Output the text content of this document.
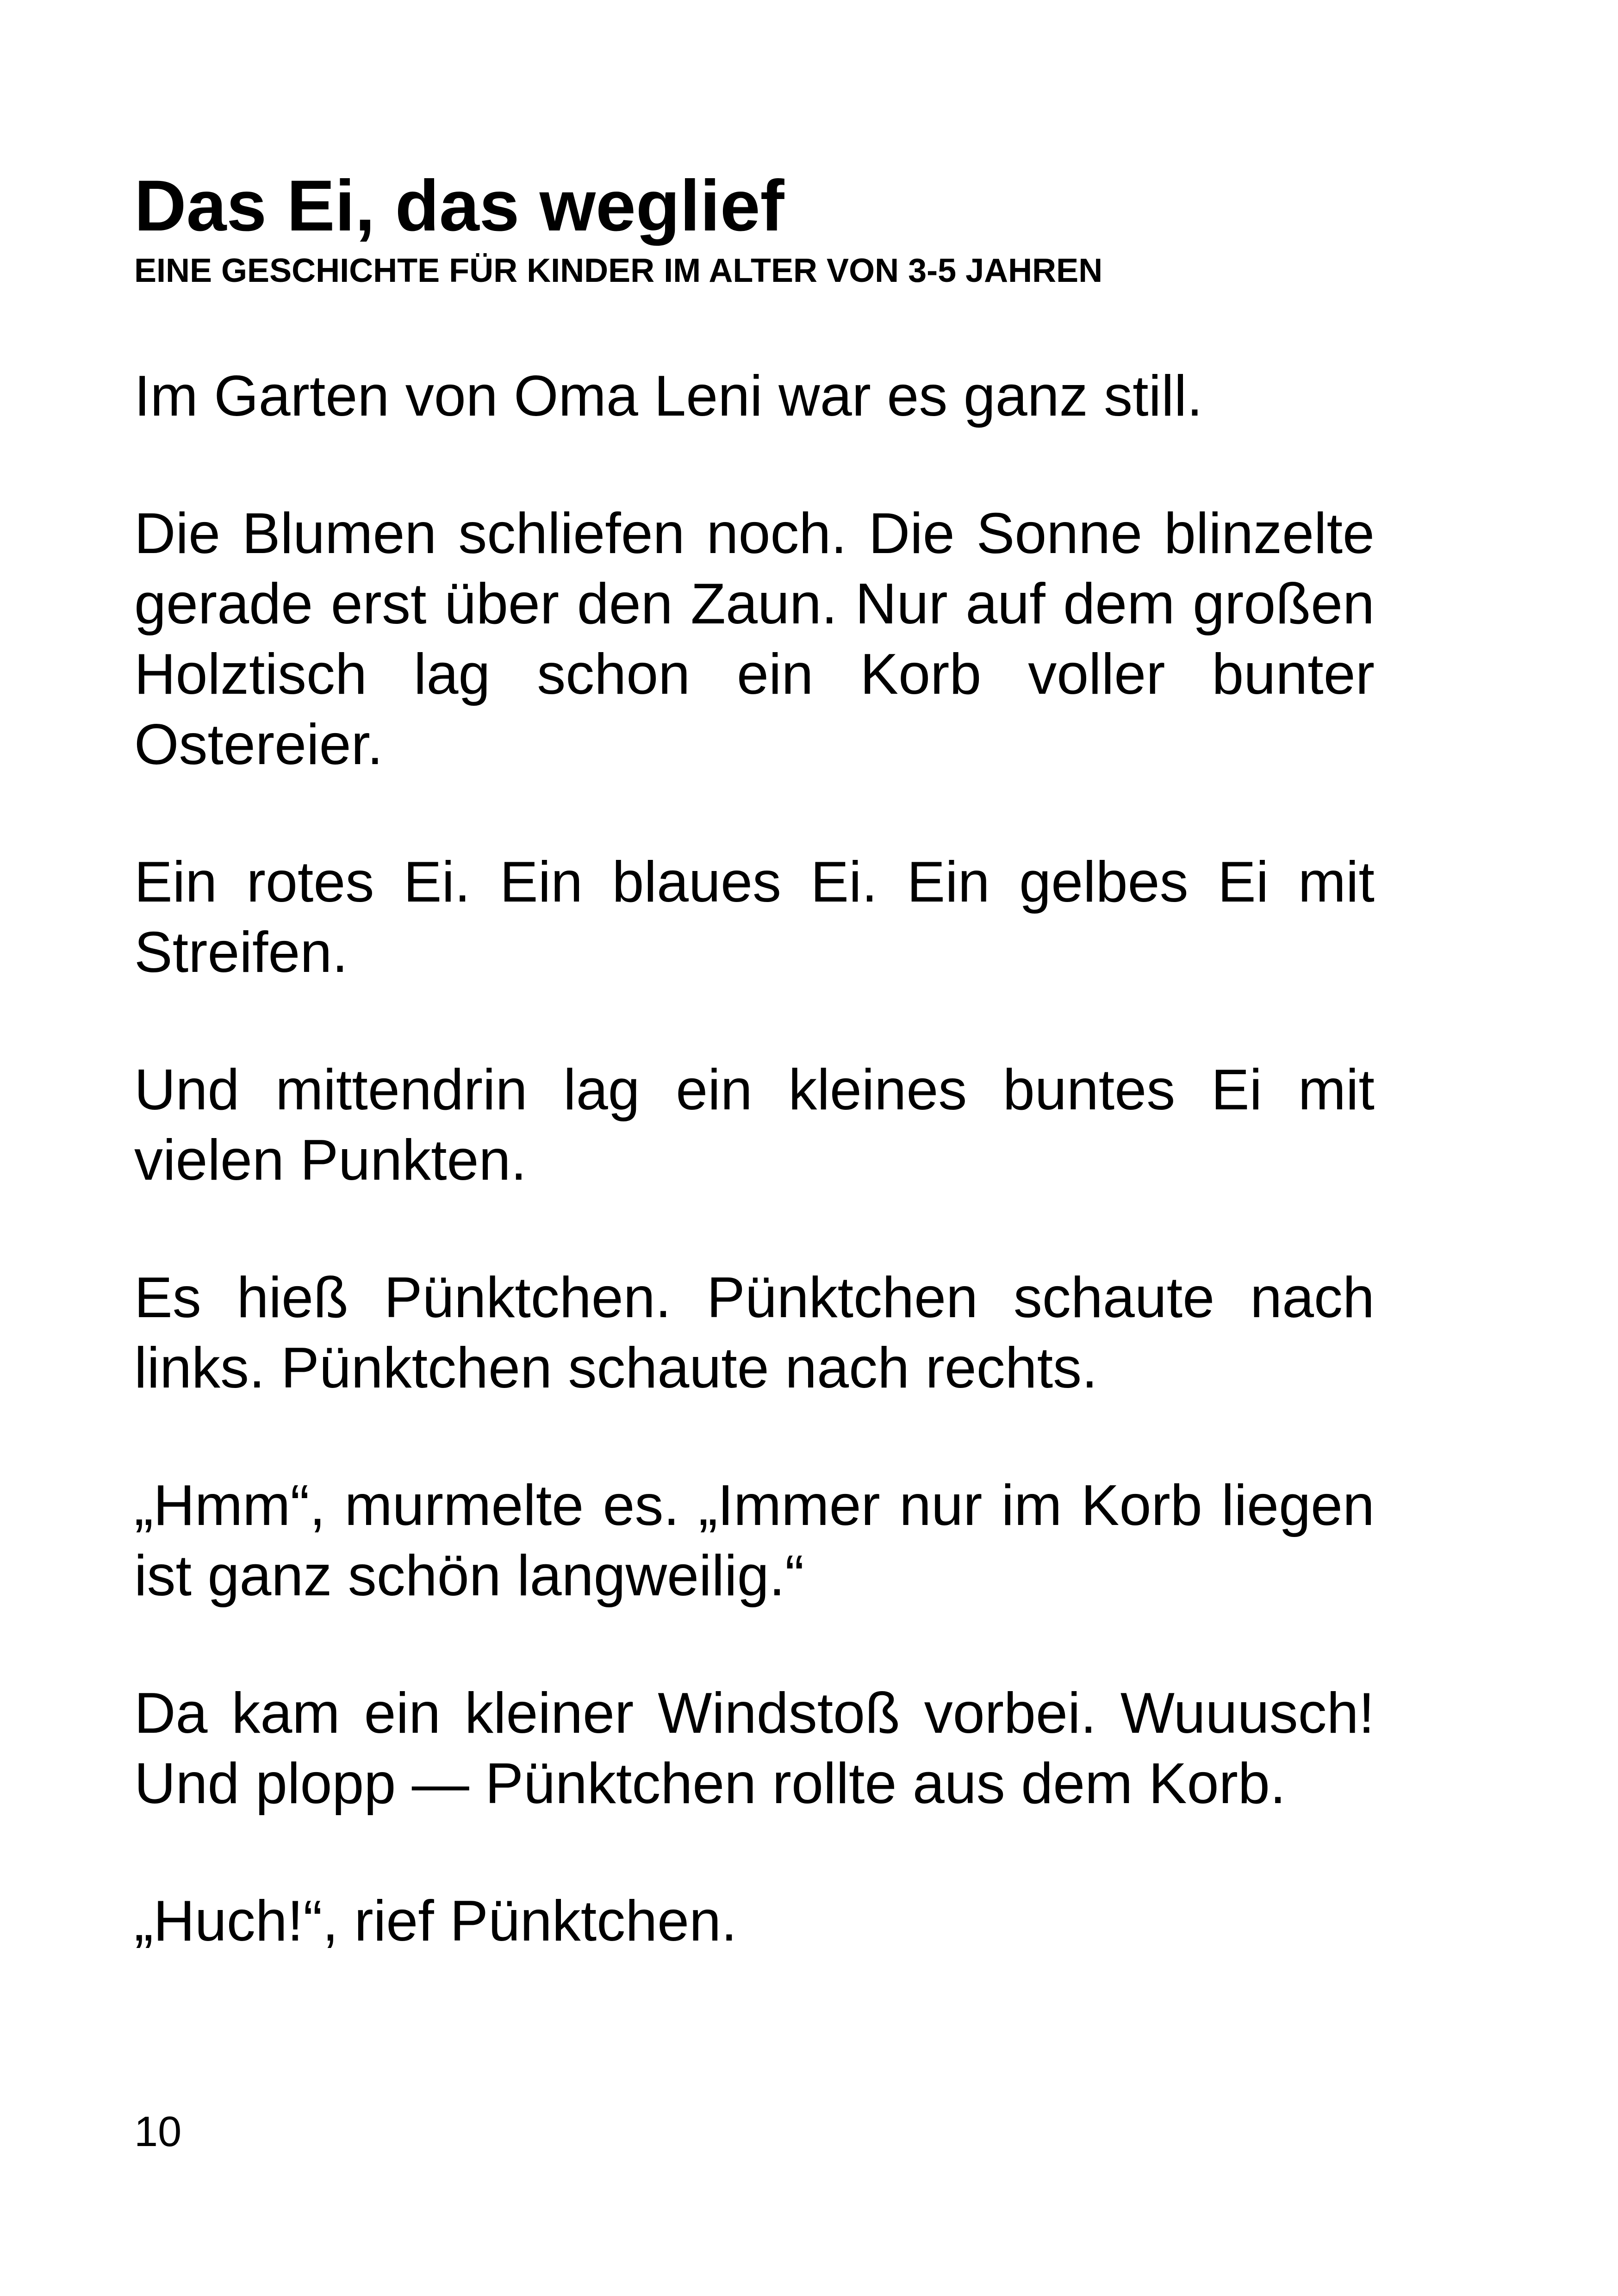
Das Ei, das weglief
EINE GESCHICHTE FÜR KINDER IM ALTER VON 3-5 JAHREN

Im Garten von Oma Leni war es ganz still.

Die Blumen schliefen noch. Die Sonne blinzelte gerade erst über den Zaun. Nur auf dem großen Holztisch lag schon ein Korb voller bunter Ostereier.

Ein rotes Ei. Ein blaues Ei. Ein gelbes Ei mit Streifen.

Und mittendrin lag ein kleines buntes Ei mit vielen Punkten.

Es hieß Pünktchen. Pünktchen schaute nach links. Pünktchen schaute nach rechts.

„Hmm“, murmelte es. „Immer nur im Korb liegen ist ganz schön langweilig.“

Da kam ein kleiner Windstoß vorbei. Wuuusch! Und plopp — Pünktchen rollte aus dem Korb.

„Huch!“, rief Pünktchen.

10
